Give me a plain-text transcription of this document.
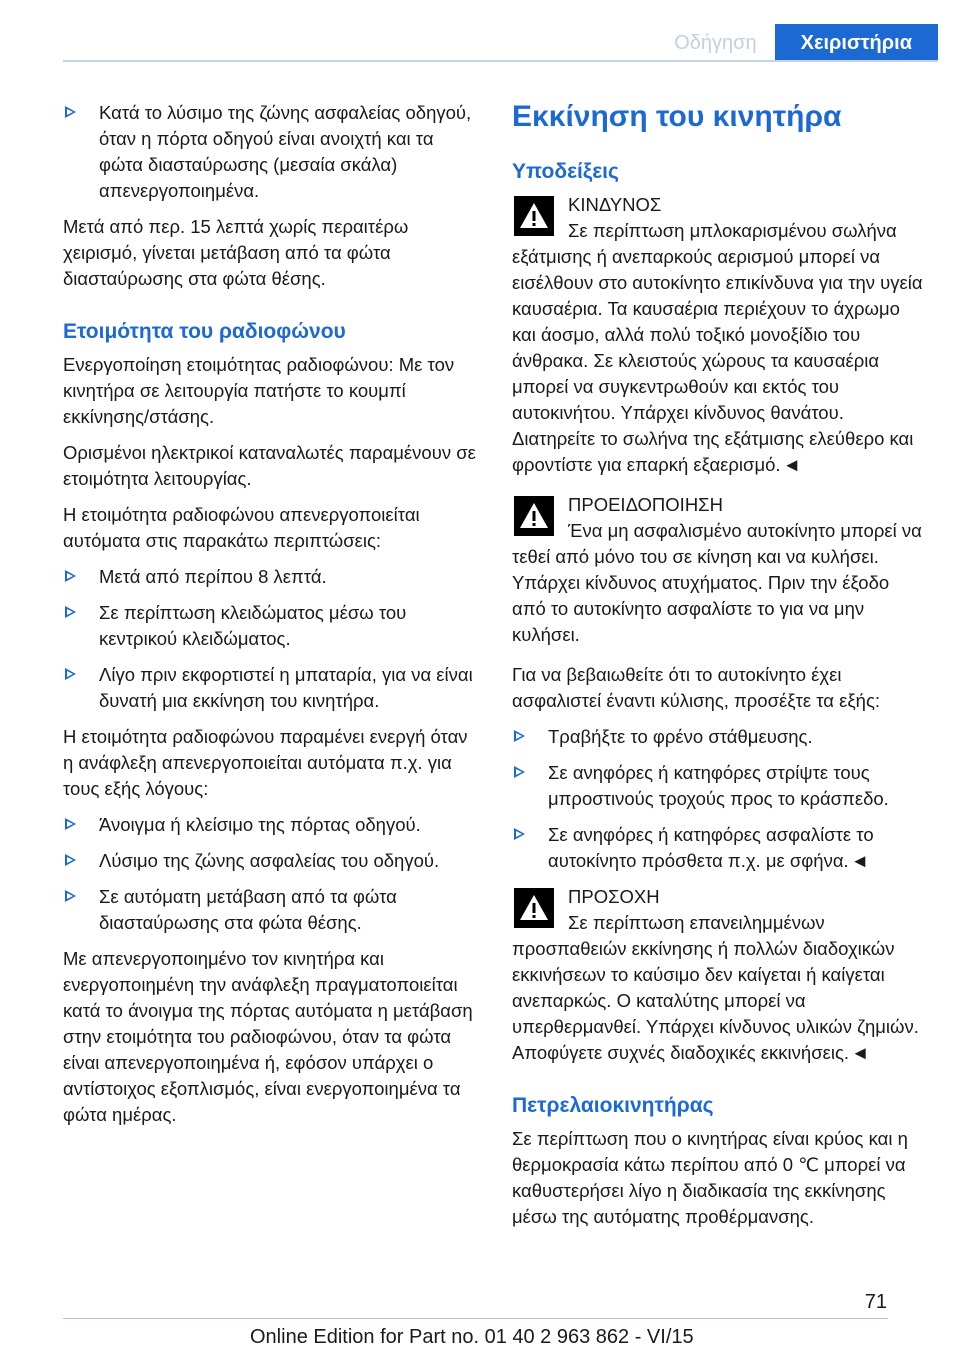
Οδήγηση	Χειριστήρια
Κατά το λύσιμο της ζώνης ασφαλείας οδηγού, όταν η πόρτα οδηγού είναι ανοιχτή και τα φώτα διασταύρωσης (μεσαία σκάλα) απενεργοποιημένα.

Μετά από περ. 15 λεπτά χωρίς περαιτέρω χειρισμό, γίνεται μετάβαση από τα φώτα διασταύρωσης στα φώτα θέσης.

Ετοιμότητα του ραδιοφώνου

Ενεργοποίηση ετοιμότητας ραδιοφώνου: Με τον κινητήρα σε λειτουργία πατήστε το κουμπί εκκίνησης/στάσης.

Ορισμένοι ηλεκτρικοί καταναλωτές παραμένουν σε ετοιμότητα λειτουργίας.

Η ετοιμότητα ραδιοφώνου απενεργοποιείται αυτόματα στις παρακάτω περιπτώσεις:

Μετά από περίπου 8 λεπτά.
Σε περίπτωση κλειδώματος μέσω του κεντρικού κλειδώματος.
Λίγο πριν εκφορτιστεί η μπαταρία, για να είναι δυνατή μια εκκίνηση του κινητήρα.

Η ετοιμότητα ραδιοφώνου παραμένει ενεργή όταν η ανάφλεξη απενεργοποιείται αυτόματα π.χ. για τους εξής λόγους:

Άνοιγμα ή κλείσιμο της πόρτας οδηγού.
Λύσιμο της ζώνης ασφαλείας του οδηγού.
Σε αυτόματη μετάβαση από τα φώτα διασταύρωσης στα φώτα θέσης.

Με απενεργοποιημένο τον κινητήρα και ενεργοποιημένη την ανάφλεξη πραγματοποιείται κατά το άνοιγμα της πόρτας αυτόματα η μετάβαση στην ετοιμότητα του ραδιοφώνου, όταν τα φώτα είναι απενεργοποιημένα ή, εφόσον υπάρχει ο αντίστοιχος εξοπλισμός, είναι ενεργοποιημένα τα φώτα ημέρας.

Εκκίνηση του κινητήρα
Υποδείξεις
ΚΙΝΔΥΝΟΣ
Σε περίπτωση μπλοκαρισμένου σωλήνα εξάτμισης ή ανεπαρκούς αερισμού μπορεί να εισέλθουν στο αυτοκίνητο επικίνδυνα για την υγεία καυσαέρια. Τα καυσαέρια περιέχουν το άχρωμο και άοσμο, αλλά πολύ τοξικό μονοξίδιο του άνθρακα. Σε κλειστούς χώρους τα καυσαέρια μπορεί να συγκεντρωθούν και εκτός του αυτοκινήτου. Υπάρχει κίνδυνος θανάτου. Διατηρείτε το σωλήνα της εξάτμισης ελεύθερο και φροντίστε για επαρκή εξαερισμό. ◄
ΠΡΟΕΙΔΟΠΟΙΗΣΗ
Ένα μη ασφαλισμένο αυτοκίνητο μπορεί να τεθεί από μόνο του σε κίνηση και να κυλήσει. Υπάρχει κίνδυνος ατυχήματος. Πριν την έξοδο από το αυτοκίνητο ασφαλίστε το για να μην κυλήσει.

Για να βεβαιωθείτε ότι το αυτοκίνητο έχει ασφαλιστεί έναντι κύλισης, προσέξτε τα εξής:

Τραβήξτε το φρένο στάθμευσης.
Σε ανηφόρες ή κατηφόρες στρίψτε τους μπροστινούς τροχούς προς το κράσπεδο.
Σε ανηφόρες ή κατηφόρες ασφαλίστε το αυτοκίνητο πρόσθετα π.χ. με σφήνα. ◄
ΠΡΟΣΟΧΗ
Σε περίπτωση επανειλημμένων προσπαθειών εκκίνησης ή πολλών διαδοχικών εκκινήσεων το καύσιμο δεν καίγεται ή καίγεται ανεπαρκώς. Ο καταλύτης μπορεί να υπερθερμανθεί. Υπάρχει κίνδυνος υλικών ζημιών. Αποφύγετε συχνές διαδοχικές εκκινήσεις. ◄
Πετρελαιοκινητήρας

Σε περίπτωση που ο κινητήρας είναι κρύος και η θερμοκρασία κάτω περίπου από 0 ℃ μπορεί να καθυστερήσει λίγο η διαδικασία της εκκίνησης μέσω της αυτόματης προθέρμανσης.

71
Online Edition for Part no. 01 40 2 963 862 - VI/15
